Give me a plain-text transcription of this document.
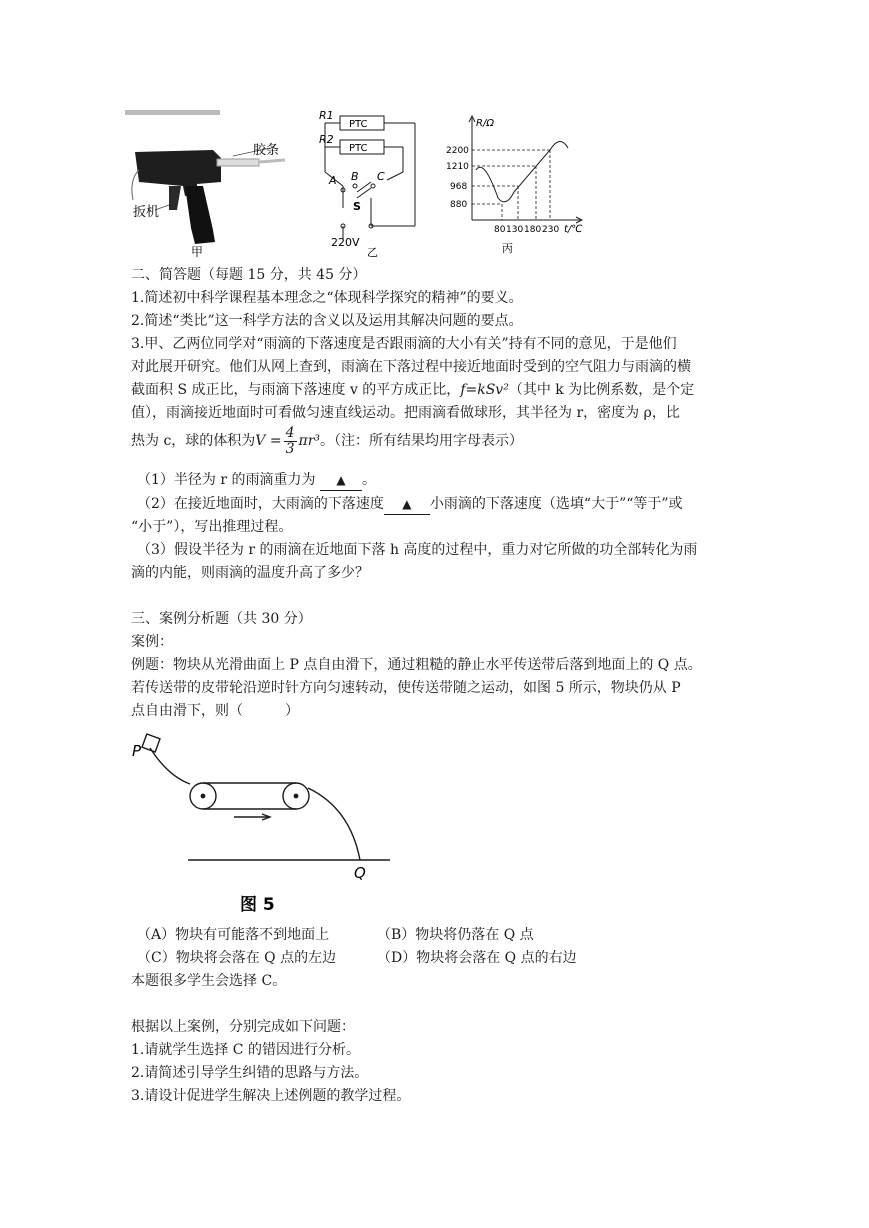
胶条
扳机
甲
R1
R2
PTC
PTC
A B C
S
220V
乙
R/Ω
2200
1210
968
880
80 130 180 230 t/℃
丙
二、简答题（每题 15 分，共 45 分）
1.简述初中科学课程基本理念之“体现科学探究的精神”的要义。
2.简述“类比”这一科学方法的含义以及运用其解决问题的要点。
3.甲、乙两位同学对“雨滴的下落速度是否跟雨滴的大小有关”持有不同的意见，于是他们
对此展开研究。他们从网上查到，雨滴在下落过程中接近地面时受到的空气阻力与雨滴的横
截面积 S 成正比，与雨滴下落速度 v 的平方成正比，f=kSv²（其中 k 为比例系数，是个定
值），雨滴接近地面时可看做匀速直线运动。把雨滴看做球形，其半径为 r，密度为 ρ，比
热为 c，球的体积为$V = \frac{4}{3} \pi r^3$。（注：所有结果均用字母表示）
（1）半径为 r 的雨滴重力为 ▲ 。
（2）在接近地面时，大雨滴的下落速度 ▲ 小雨滴的下落速度（选填“大于”“等于”或
“小于”），写出推理过程。
（3）假设半径为 r 的雨滴在近地面下落 h 高度的过程中，重力对它所做的功全部转化为雨
滴的内能，则雨滴的温度升高了多少？
三、案例分析题（共 30 分）
案例：
例题：物块从光滑曲面上 P 点自由滑下，通过粗糙的静止水平传送带后落到地面上的 Q 点。
若传送带的皮带轮沿逆时针方向匀速转动，使传送带随之运动，如图 5 所示，物块仍从 P
点自由滑下，则（　　　）
P
Q
图 5
（A）物块有可能落不到地面上	（B）物块将仍落在 Q 点
（C）物块将会落在 Q 点的左边	（D）物块将会落在 Q 点的右边
本题很多学生会选择 C。
根据以上案例，分别完成如下问题：
1.请就学生选择 C 的错因进行分析。
2.请简述引导学生纠错的思路与方法。
3.请设计促进学生解决上述例题的教学过程。
